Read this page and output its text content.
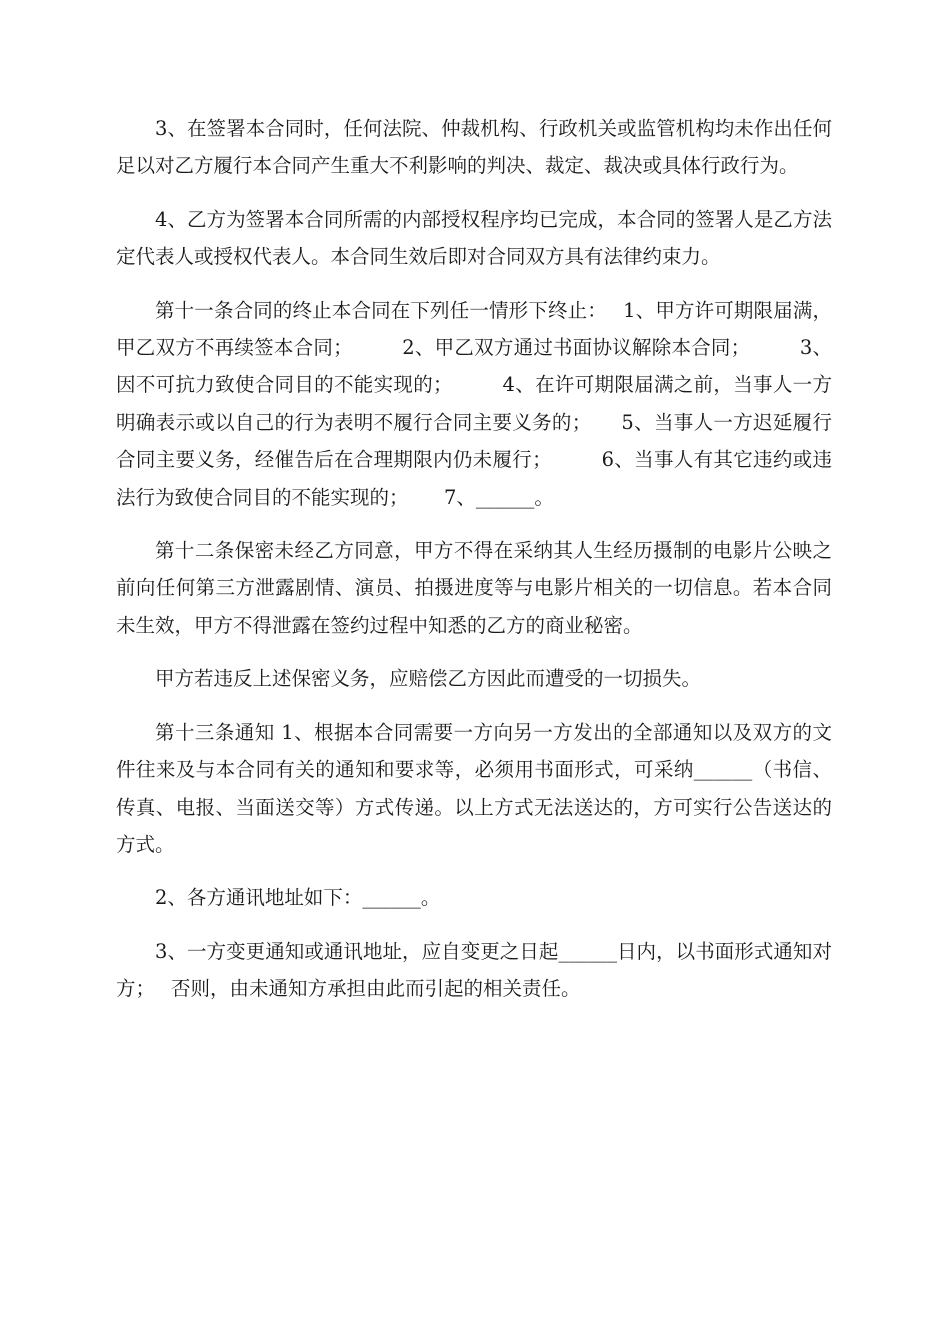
3、在签署本合同时，任何法院、仲裁机构、行政机关或监管机构均未作出任何足以对乙方履行本合同产生重大不利影响的判决、裁定、裁决或具体行政行为。

4、乙方为签署本合同所需的内部授权程序均已完成，本合同的签署人是乙方法定代表人或授权代表人。本合同生效后即对合同双方具有法律约束力。

第十一条合同的终止本合同在下列任一情形下终止：　 1、甲方许可期限届满，甲乙双方不再续签本合同；　　　2、甲乙双方通过书面协议解除本合同；　　　3、因不可抗力致使合同目的不能实现的；　　　4、在许可期限届满之前，当事人一方明确表示或以自己的行为表明不履行合同主要义务的；　　5、当事人一方迟延履行合同主要义务，经催告后在合理期限内仍未履行；　　　6、当事人有其它违约或违法行为致使合同目的不能实现的；　　 7、______。

第十二条保密未经乙方同意，甲方不得在采纳其人生经历摄制的电影片公映之前向任何第三方泄露剧情、演员、拍摄进度等与电影片相关的一切信息。若本合同未生效，甲方不得泄露在签约过程中知悉的乙方的商业秘密。

甲方若违反上述保密义务，应赔偿乙方因此而遭受的一切损失。

第十三条通知 1、根据本合同需要一方向另一方发出的全部通知以及双方的文件往来及与本合同有关的通知和要求等，必须用书面形式，可采纳______（书信、传真、电报、当面送交等）方式传递。以上方式无法送达的，方可实行公告送达的方式。

2、各方通讯地址如下：______。

3、一方变更通知或通讯地址，应自变更之日起______日内，以书面形式通知对方；　 否则，由未通知方承担由此而引起的相关责任。
